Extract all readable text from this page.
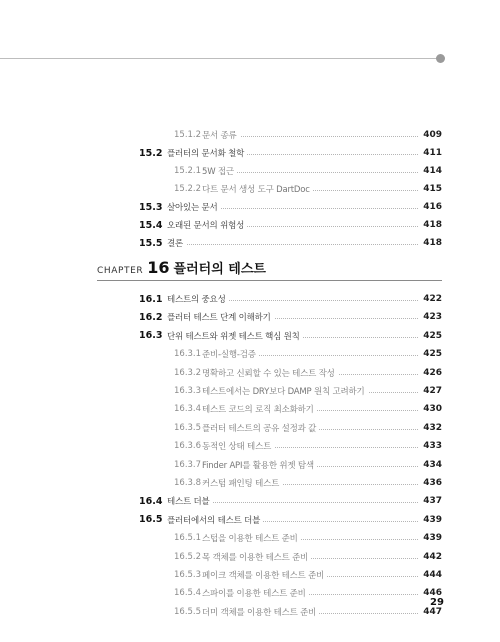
15.1.2 문서 종류	409
15.2 플러터의 문서화 철학	411
15.2.1 5W 접근	414
15.2.2 다트 문서 생성 도구 DartDoc	415
15.3 살아있는 문서	416
15.4 오래된 문서의 위험성	418
15.5 결론	418
CHAPTER 16 플러터의 테스트
16.1 테스트의 중요성	422
16.2 플러터 테스트 단계 이해하기	423
16.3 단위 테스트와 위젯 테스트 핵심 원칙	425
16.3.1 준비-실행-검증	425
16.3.2 명확하고 신뢰할 수 있는 테스트 작성	426
16.3.3 테스트에서는 DRY보다 DAMP 원칙 고려하기	427
16.3.4 테스트 코드의 로직 최소화하기	430
16.3.5 플러터 테스트의 공유 설정과 값	432
16.3.6 동적인 상태 테스트	433
16.3.7 Finder API를 활용한 위젯 탐색	434
16.3.8 커스텀 패인팅 테스트	436
16.4 테스트 더블	437
16.5 플러터에서의 테스트 더블	439
16.5.1 스텁을 이용한 테스트 준비	439
16.5.2 목 객체를 이용한 테스트 준비	442
16.5.3 페이크 객체를 이용한 테스트 준비	444
16.5.4 스파이를 이용한 테스트 준비	446
16.5.5 더미 객체를 이용한 테스트 준비	447
29
